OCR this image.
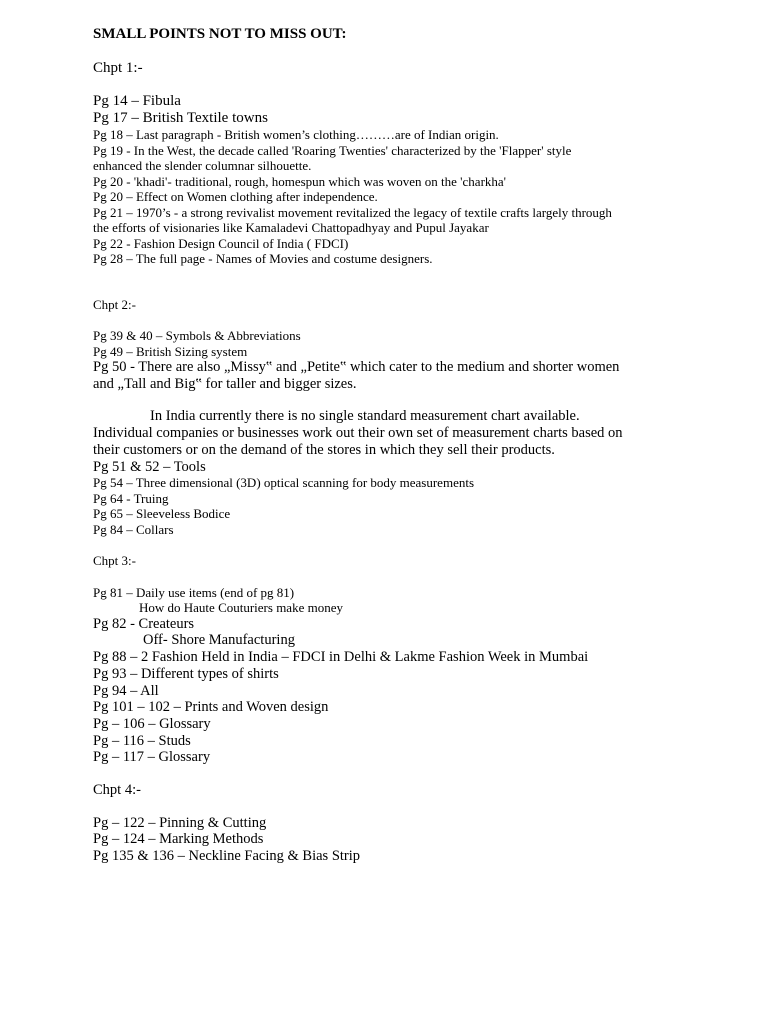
SMALL POINTS NOT TO MISS OUT:

Chpt 1:-

Pg 14 – Fibula

Pg 17 – British Textile towns

Pg 18 – Last paragraph - British women’s clothing………are of Indian origin.

Pg 19 - In the West, the decade called 'Roaring Twenties' characterized by the 'Flapper' style

enhanced the slender columnar silhouette.

Pg 20 - 'khadi'- traditional, rough, homespun which was woven on the 'charkha'

Pg 20 – Effect on Women clothing after independence.

Pg 21 – 1970’s - a strong revivalist movement revitalized the legacy of textile crafts largely through

the efforts of visionaries like Kamaladevi Chattopadhyay and Pupul Jayakar

Pg 22 - Fashion Design Council of India ( FDCI)

Pg 28 – The full page - Names of Movies and costume designers.

Chpt 2:-

Pg 39 & 40 – Symbols & Abbreviations

Pg 49 – British Sizing system

Pg 50 - There are also „Missy‟ and „Petite‟ which cater to the medium and shorter women

and „Tall and Big‟ for taller and bigger sizes.

In India currently there is no single standard measurement chart available.

Individual companies or businesses work out their own set of measurement charts based on

their customers or on the demand of the stores in which they sell their products.

Pg 51 & 52 – Tools

Pg 54 – Three dimensional (3D) optical scanning for body measurements

Pg 64 - Truing

Pg 65 – Sleeveless Bodice

Pg 84 – Collars

Chpt 3:-

Pg 81 – Daily use items (end of pg 81)

How do Haute Couturiers make money

Pg 82 - Createurs

Off- Shore Manufacturing

Pg 88 – 2 Fashion Held in India – FDCI in Delhi & Lakme Fashion Week in Mumbai

Pg 93 – Different types of shirts

Pg 94 – All

Pg 101 – 102 – Prints and Woven design

Pg – 106 – Glossary

Pg – 116 – Studs

Pg – 117 – Glossary

Chpt 4:-

Pg – 122 – Pinning & Cutting

Pg – 124 – Marking Methods

Pg 135 & 136 – Neckline Facing & Bias Strip
